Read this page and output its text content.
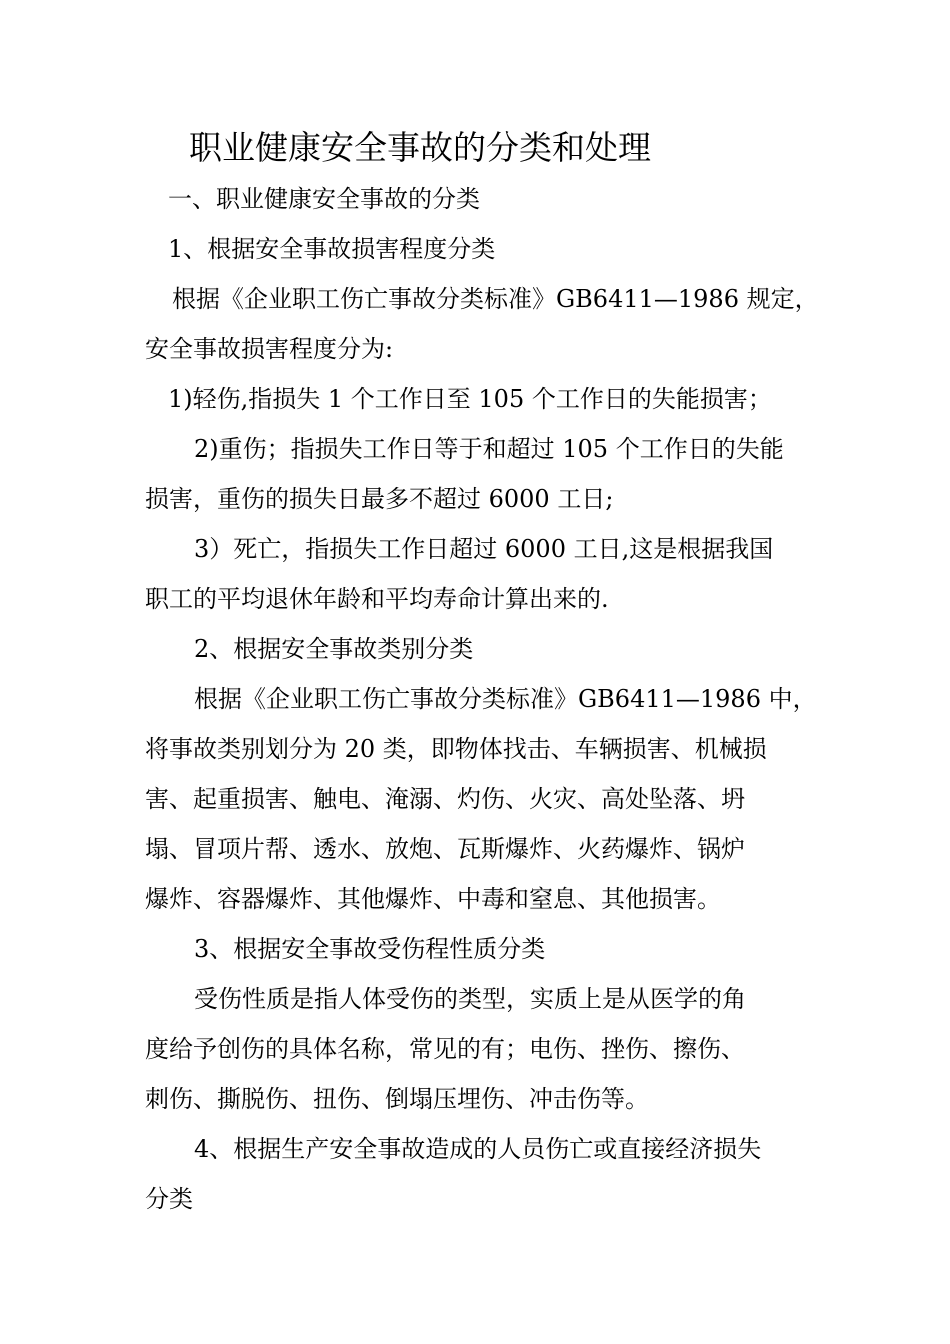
职业健康安全事故的分类和处理
一、职业健康安全事故的分类
1、根据安全事故损害程度分类
根据《企业职工伤亡事故分类标准》GB6411—1986 规定，
安全事故损害程度分为:
1)轻伤,指损失 1 个工作日至 105 个工作日的失能损害；
2)重伤；指损失工作日等于和超过 105 个工作日的失能
损害，重伤的损失日最多不超过 6000 工日;
3）死亡，指损失工作日超过 6000 工日,这是根据我国
职工的平均退休年龄和平均寿命计算出来的.
2、根据安全事故类别分类
根据《企业职工伤亡事故分类标准》GB6411—1986 中，
将事故类别划分为 20 类，即物体找击、车辆损害、机械损
害、起重损害、触电、淹溺、灼伤、火灾、高处坠落、坍
塌、冒项片帮、透水、放炮、瓦斯爆炸、火药爆炸、锅炉
爆炸、容器爆炸、其他爆炸、中毒和窒息、其他损害。
3、根据安全事故受伤程性质分类
受伤性质是指人体受伤的类型，实质上是从医学的角
度给予创伤的具体名称，常见的有；电伤、挫伤、擦伤、
刺伤、撕脱伤、扭伤、倒塌压埋伤、冲击伤等。
4、根据生产安全事故造成的人员伤亡或直接经济损失
分类
